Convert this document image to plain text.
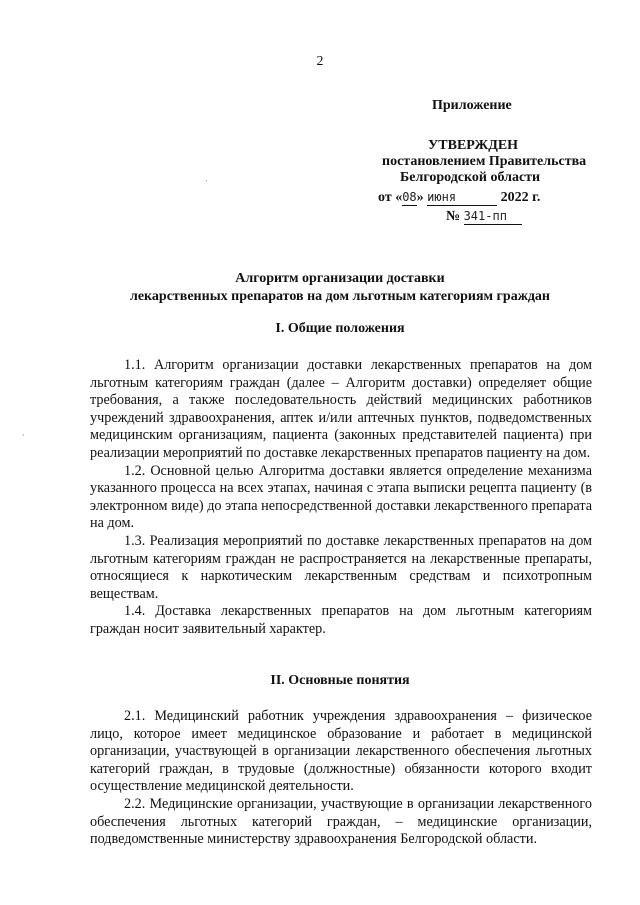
2
Приложение
УТВЕРЖДЕН
постановлением Правительства
Белгородской области
от «08» июня	2022 г.
№ 341-пп
Алгоритм организации доставки
лекарственных препаратов на дом льготным категориям граждан
I. Общие положения

1.1. Алгоритм организации доставки лекарственных препаратов на дом льготным категориям граждан (далее – Алгоритм доставки) определяет общие требования, а также последовательность действий медицинских работников учреждений здравоохранения, аптек и/или аптечных пунктов, подведомственных медицинским организациям, пациента (законных представителей пациента) при реализации мероприятий по доставке лекарственных препаратов пациенту на дом.

1.2. Основной целью Алгоритма доставки является определение механизма указанного процесса на всех этапах, начиная с этапа выписки рецепта пациенту (в электронном виде) до этапа непосредственной доставки лекарственного препарата на дом.

1.3. Реализация мероприятий по доставке лекарственных препаратов на дом льготным категориям граждан не распространяется на лекарственные препараты, относящиеся к наркотическим лекарственным средствам и психотропным веществам.

1.4. Доставка лекарственных препаратов на дом льготным категориям граждан носит заявительный характер.

II. Основные понятия

2.1. Медицинский работник учреждения здравоохранения – физическое лицо, которое имеет медицинское образование и работает в медицинской организации, участвующей в организации лекарственного обеспечения льготных категорий граждан, в трудовые (должностные) обязанности которого входит осуществление медицинской деятельности.

2.2. Медицинские организации, участвующие в организации лекарственного обеспечения льготных категорий граждан, – медицинские организации, подведомственные министерству здравоохранения Белгородской области.

·
·
